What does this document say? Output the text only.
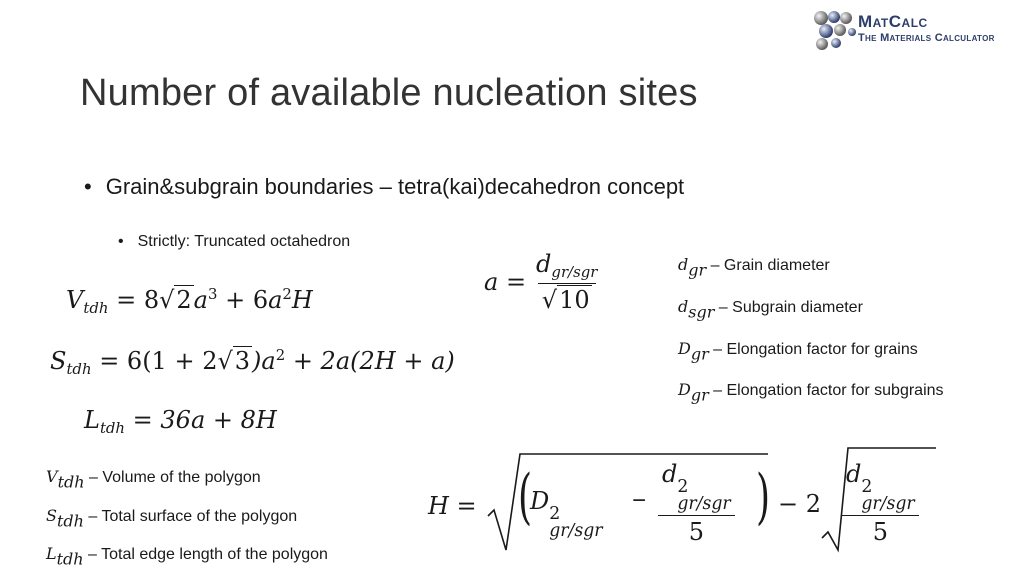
MatCalc
The Materials Calculator
Number of available nucleation sites
• Grain&subgrain boundaries – tetra(kai)decahedron concept
• Strictly: Truncated octahedron
$V_{tdh} = 8√2a^3 + 6a^2H$
$S_{tdh} = 6(1 + 2√3)a^2 + 2a(2H + a)$
$L_{tdh} = 36a + 8H$
$a = \frac{d_{gr/sgr}}{√10}$	$d_{gr}$ – Grain diameter
$d_{sgr}$ – Subgrain diameter
$D_{gr}$ – Elongation factor for grains
$D_{gr}$ – Elongation factor for subgrains
$V_{tdh}$ – Volume of the polygon
$S_{tdh}$ – Total surface of the polygon
$L_{tdh}$ – Total edge length of the polygon
H = (
D 2
gr/sgr
−
d 2
gr/sgr
5
) − 2
d 2
gr/sgr
5
